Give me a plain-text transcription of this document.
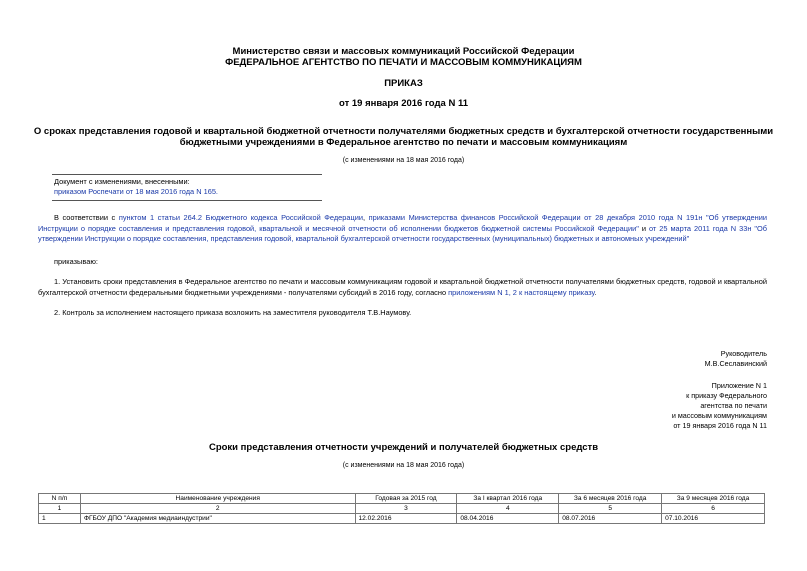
Министерство связи и массовых коммуникаций Российской Федерации
ФЕДЕРАЛЬНОЕ АГЕНТСТВО ПО ПЕЧАТИ И МАССОВЫМ КОММУНИКАЦИЯМ
ПРИКАЗ
от 19 января 2016 года N 11
О сроках представления годовой и квартальной бюджетной отчетности получателями бюджетных средств и бухгалтерской отчетности государственными
бюджетными учреждениями в Федеральное агентство по печати и массовым коммуникациям
(с изменениями на 18 мая 2016 года)
Документ с изменениями, внесенными:
приказом Роспечати от 18 мая 2016 года N 165.
В соответствии с пунктом 1 статьи 264.2 Бюджетного кодекса Российской Федерации, приказами Министерства финансов Российской Федерации от 28 декабря 2010 года N 191н "Об утверждении Инструкции о порядке составления и представления годовой, квартальной и месячной отчетности об исполнении бюджетов бюджетной системы Российской Федерации" и от 25 марта 2011 года N 33н "Об утверждении Инструкции о порядке составления, представления годовой, квартальной бухгалтерской отчетности государственных (муниципальных) бюджетных и автономных учреждений"
приказываю:
1. Установить сроки представления в Федеральное агентство по печати и массовым коммуникациям годовой и квартальной бюджетной отчетности получателями бюджетных средств, годовой и квартальной бухгалтерской отчетности федеральными бюджетными учреждениями - получателями субсидий в 2016 году, согласно приложениям N 1, 2 к настоящему приказу.
2. Контроль за исполнением настоящего приказа возложить на заместителя руководителя Т.В.Наумову.
Руководитель
М.В.Сеславинский
Приложение N 1
к приказу Федерального
агентства по печати
и массовым коммуникациям
от 19 января 2016 года N 11
Сроки представления отчетности учреждений и получателей бюджетных средств
(с изменениями на 18 мая 2016 года)
N п/п	Наименование учреждения	Годовая за 2015 год	За I квартал 2016 года	За 6 месяцев 2016 года	За 9 месяцев 2016 года
1	2	3	4	5	6
1	ФГБОУ ДПО "Академия медиаиндустрии"	12.02.2016	08.04.2016	08.07.2016	07.10.2016
